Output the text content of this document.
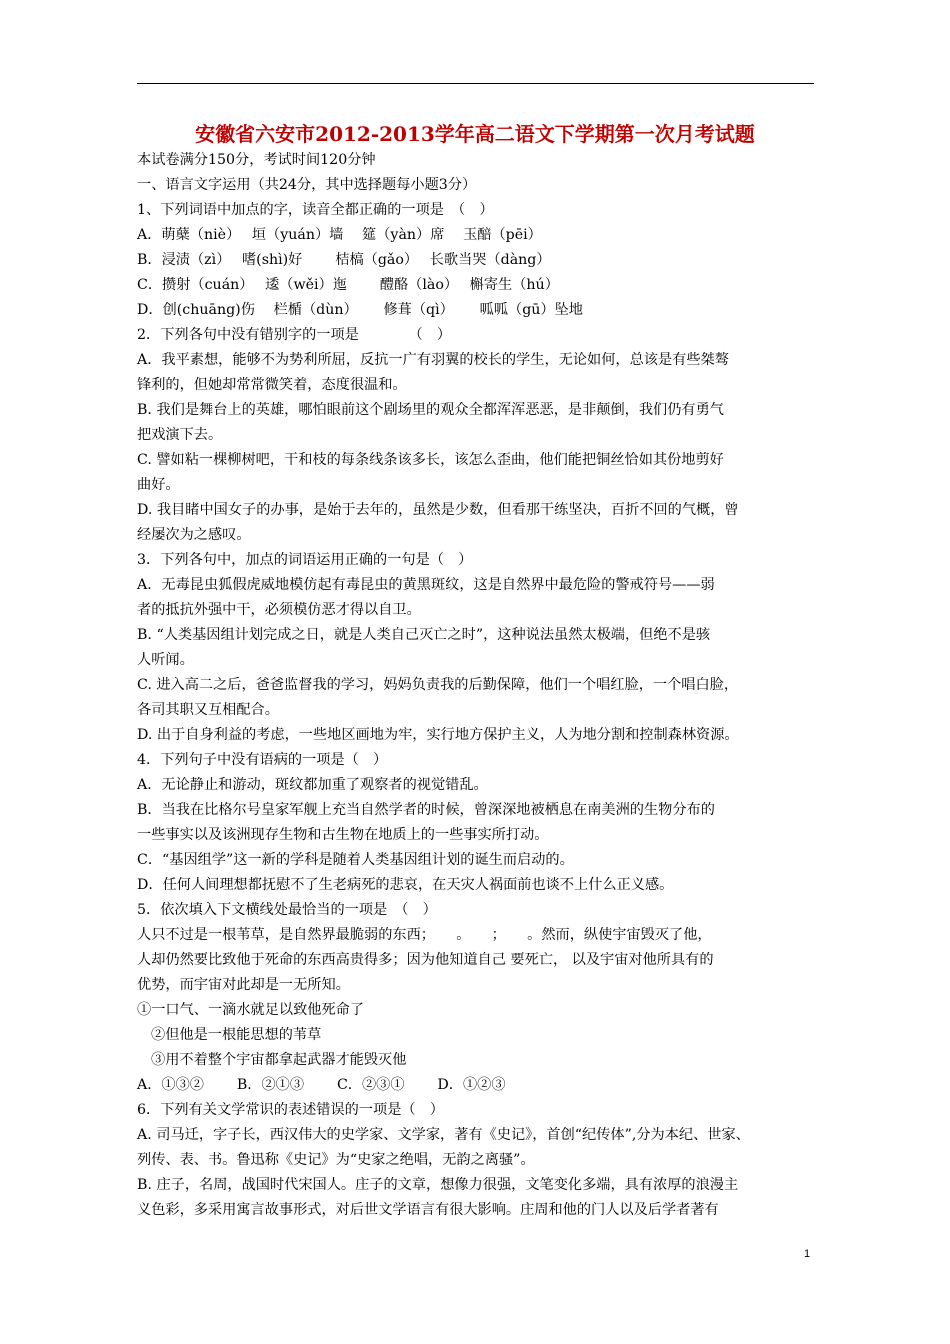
安徽省六安市2012-2013学年高二语文下学期第一次月考试题
本试卷满分150分，考试时间120分钟
一、语言文字运用（共24分，其中选择题每小题3分）
1、下列词语中加点的字，读音全都正确的一项是　（　）
A．萌蘖（niè）　 垣（yuán）墙　 筵（yàn）席　 玉醅（pēi）
B．浸渍（zì）　 嗜(shì)好　　 桔槁（gǎo）　 长歌当哭（dàng）
C．攒射（cuán）　 逶（wěi）迤　　 醴酪（lào）　 槲寄生（hú）
D．创(chuāng)伤　 栏楯（dùn）　　 修葺（qì）　　 呱呱（gū）坠地
2．下列各句中没有错别字的一项是　　　　（　）
A．我平素想，能够不为势利所屈，反抗一广有羽翼的校长的学生，无论如何，总该是有些桀骜
锋利的，但她却常常微笑着，态度很温和。
B. 我们是舞台上的英雄，哪怕眼前这个剧场里的观众全都浑浑恶恶，是非颠倒，我们仍有勇气
把戏演下去。
C. 譬如粘一棵柳树吧，干和枝的每条线条该多长，该怎么歪曲，他们能把铜丝恰如其份地剪好
曲好。
D. 我目睹中国女子的办事，是始于去年的，虽然是少数，但看那干练坚决，百折不回的气概，曾
经屡次为之感叹。
3．下列各句中，加点的词语运用正确的一句是（　）
A．无毒昆虫狐假虎威地模仿起有毒昆虫的黄黑斑纹，这是自然界中最危险的警戒符号——弱
者的抵抗外强中干，必须模仿恶才得以自卫。
B. “人类基因组计划完成之日，就是人类自己灭亡之时”，这种说法虽然太极端，但绝不是骇
人听闻。
C. 进入高二之后，爸爸监督我的学习，妈妈负责我的后勤保障，他们一个唱红脸，一个唱白脸，
各司其职又互相配合。
D. 出于自身利益的考虑，一些地区画地为牢，实行地方保护主义，人为地分割和控制森林资源。
4．下列句子中没有语病的一项是（　）
A．无论静止和游动，斑纹都加重了观察者的视觉错乱。
B．当我在比格尔号皇家军舰上充当自然学者的时候，曾深深地被栖息在南美洲的生物分布的
一些事实以及该洲现存生物和古生物在地质上的一些事实所打动。
C．“基因组学”这一新的学科是随着人类基因组计划的诞生而启动的。
D．任何人间理想都抚慰不了生老病死的悲哀，在天灾人祸面前也谈不上什么正义感。
5．依次填入下文横线处最恰当的一项是　（　）
人只不过是一根苇草，是自然界最脆弱的东西；　　。　　；　　。然而，纵使宇宙毁灭了他，
人却仍然要比致他于死命的东西高贵得多；因为他知道自己 要死亡， 以及宇宙对他所具有的
优势，而宇宙对此却是一无所知。
①一口气、一滴水就足以致他死命了
②但他是一根能思想的苇草
③用不着整个宇宙都拿起武器才能毁灭他
A．①③②　　 B．②①③　　 C．②③①　　 D．①②③
6．下列有关文学常识的表述错误的一项是（　）
A. 司马迁，字子长，西汉伟大的史学家、文学家，著有《史记》，首创“纪传体”,分为本纪、世家、
列传、表、书。鲁迅称《史记》为“史家之绝唱，无韵之离骚”。
B. 庄子，名周，战国时代宋国人。庄子的文章，想像力很强，文笔变化多端，具有浓厚的浪漫主
义色彩，多采用寓言故事形式，对后世文学语言有很大影响。庄周和他的门人以及后学者著有
1
